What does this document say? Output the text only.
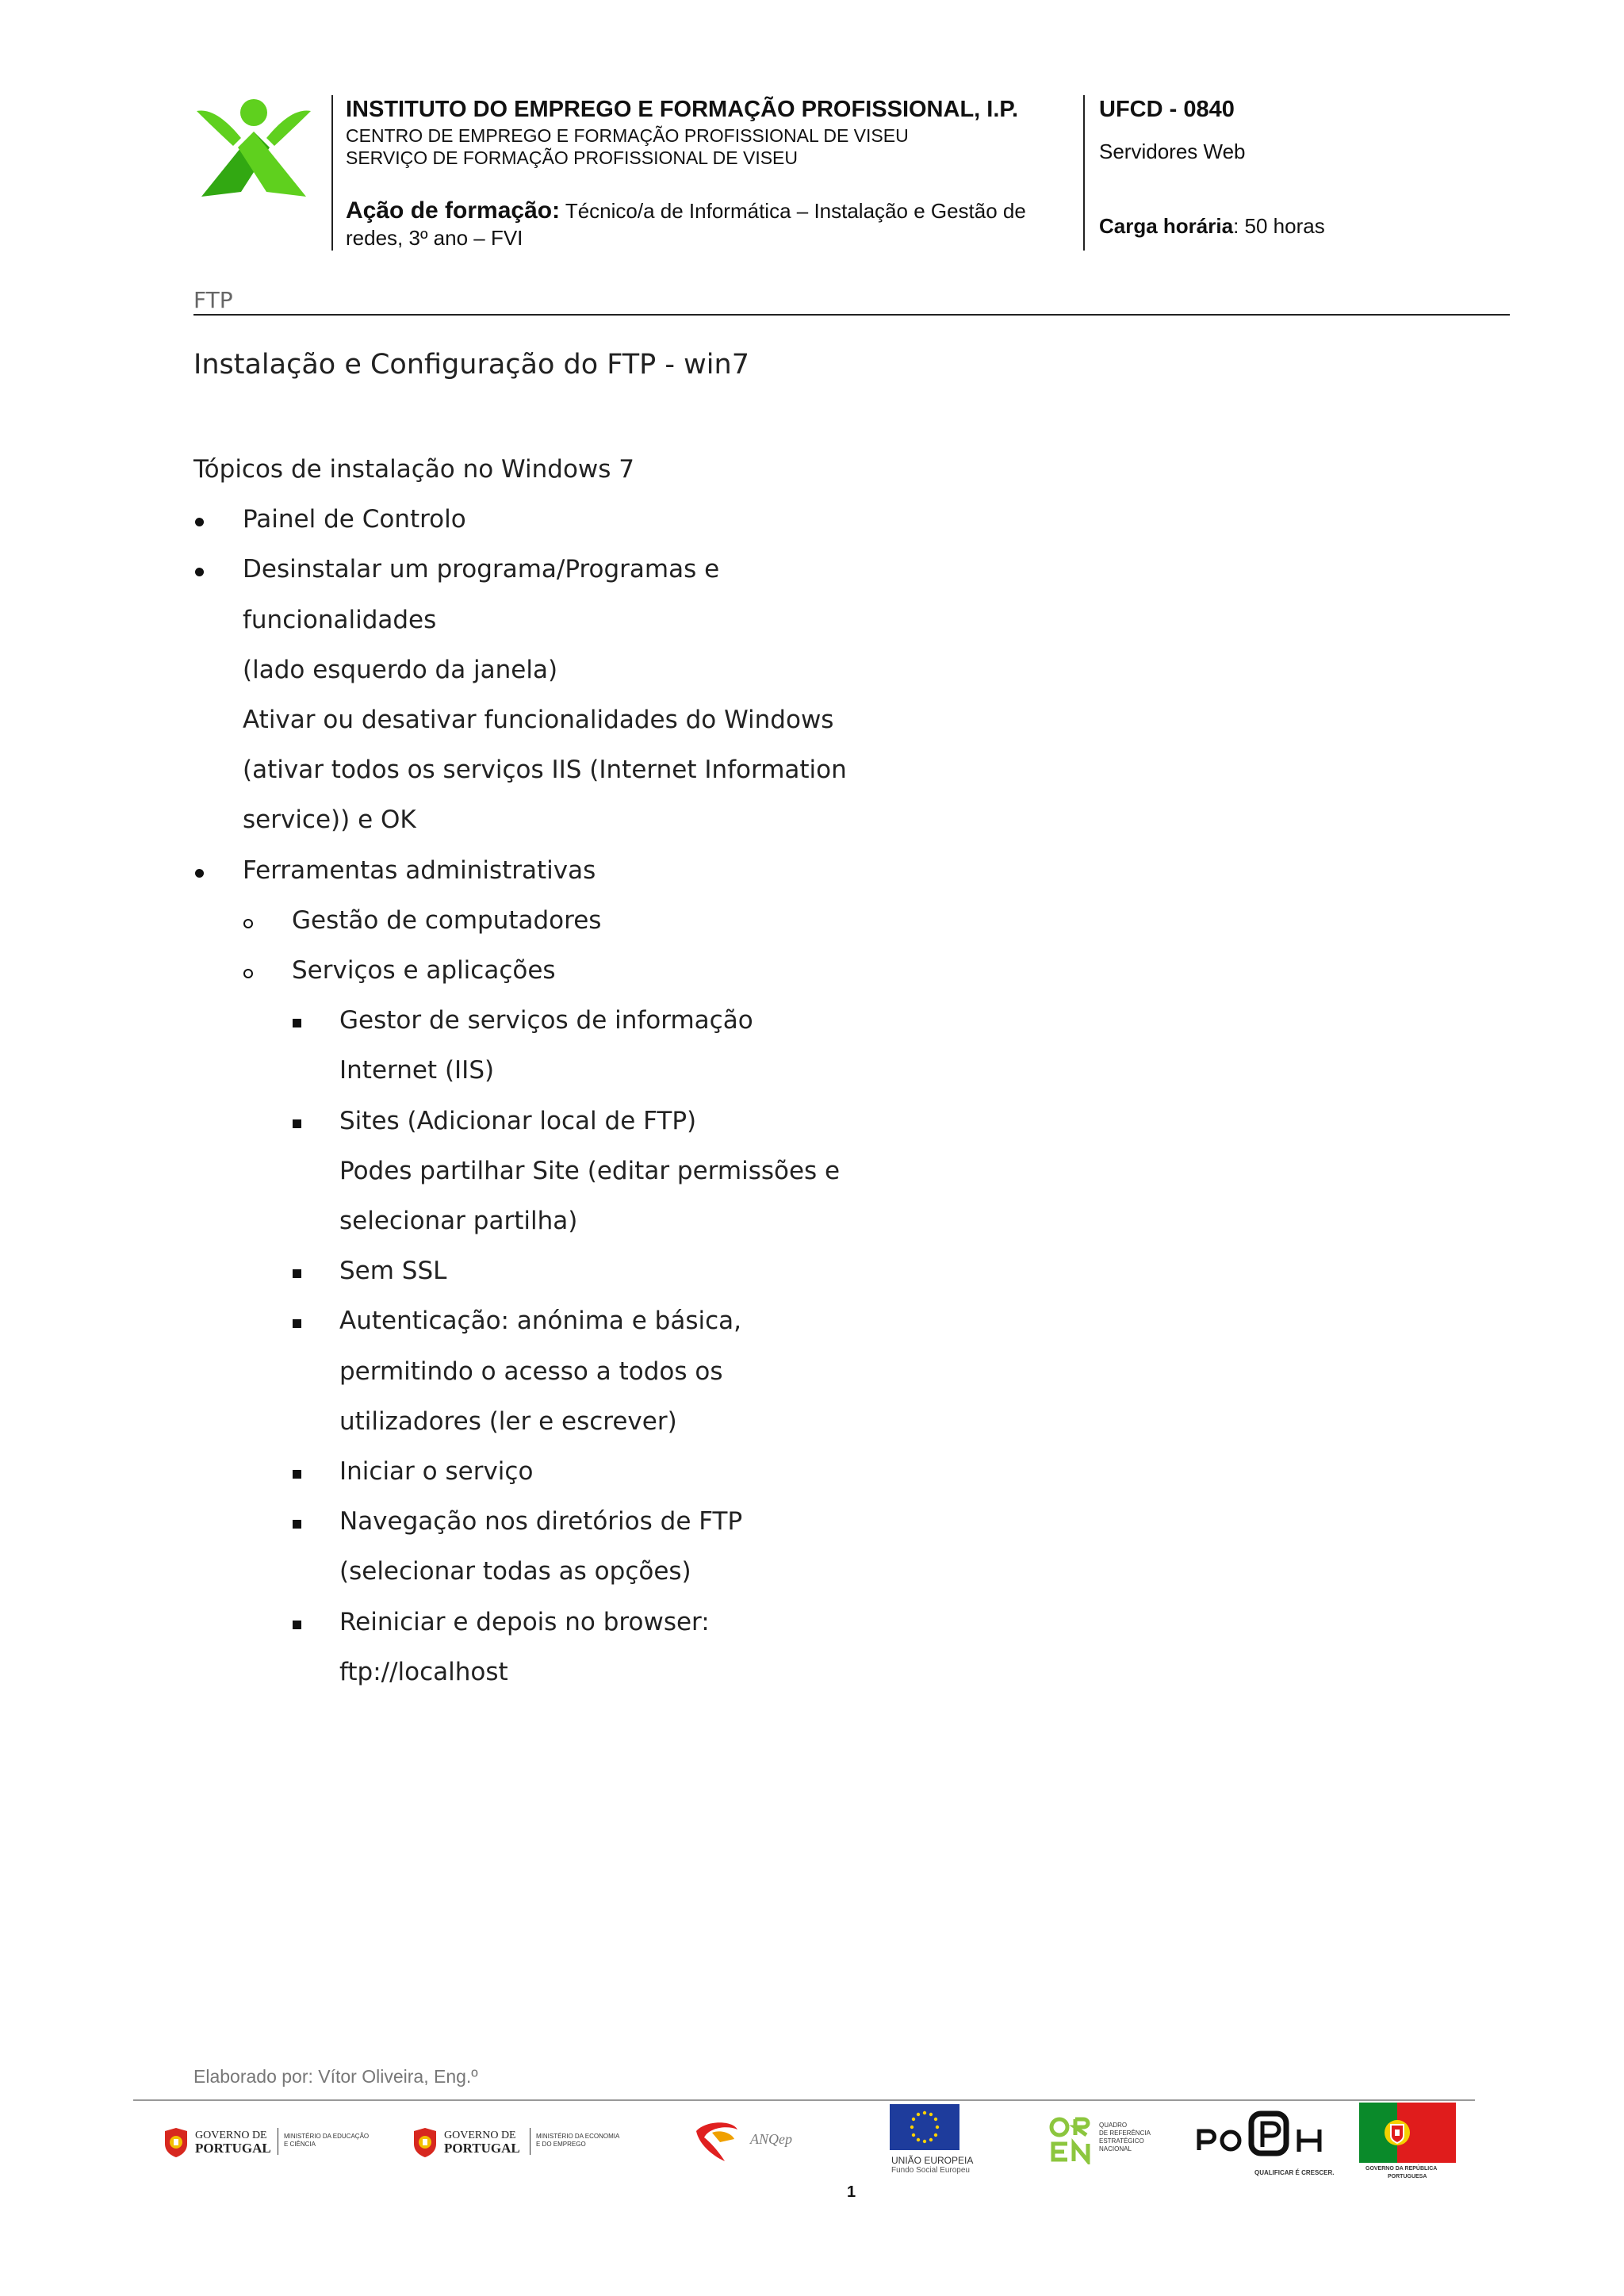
INSTITUTO DO EMPREGO E FORMAÇÃO PROFISSIONAL, I.P.
CENTRO DE EMPREGO E FORMAÇÃO PROFISSIONAL DE VISEU
SERVIÇO DE FORMAÇÃO PROFISSIONAL DE VISEU
Ação de formação: Técnico/a de Informática – Instalação e Gestão de redes, 3º ano – FVI
UFCD - 0840
Servidores Web
Carga horária: 50 horas
FTP
Instalação e Configuração do FTP - win7
Tópicos de instalação no Windows 7
Painel de Controlo
Desinstalar um programa/Programas e
funcionalidades
(lado esquerdo da janela)
Ativar ou desativar funcionalidades do Windows
(ativar todos os serviços IIS (Internet Information
service)) e OK
Ferramentas administrativas
Gestão de computadores
Serviços e aplicações
Gestor de serviços de informação
Internet (IIS)
Sites (Adicionar local de FTP)
Podes partilhar Site (editar permissões e
selecionar partilha)
Sem SSL
Autenticação: anónima e básica,
permitindo o acesso a todos os
utilizadores (ler e escrever)
Iniciar o serviço
Navegação nos diretórios de FTP
(selecionar todas as opções)
Reiniciar e depois no browser:
ftp://localhost
Elaborado por: Vítor Oliveira, Eng.º
GOVERNO DE
PORTUGAL
MINISTÉRIO DA EDUCAÇÃO
E CIÊNCIA
GOVERNO DE
PORTUGAL
MINISTÉRIO DA ECONOMIA
E DO EMPREGO	ANQep
UNIÃO EUROPEIA
Fundo Social Europeu
QUADRO
DE REFERÊNCIA
ESTRATÉGICO
NACIONAL
QUALIFICAR É CRESCER.
GOVERNO DA REPÚBLICA
PORTUGUESA
1
